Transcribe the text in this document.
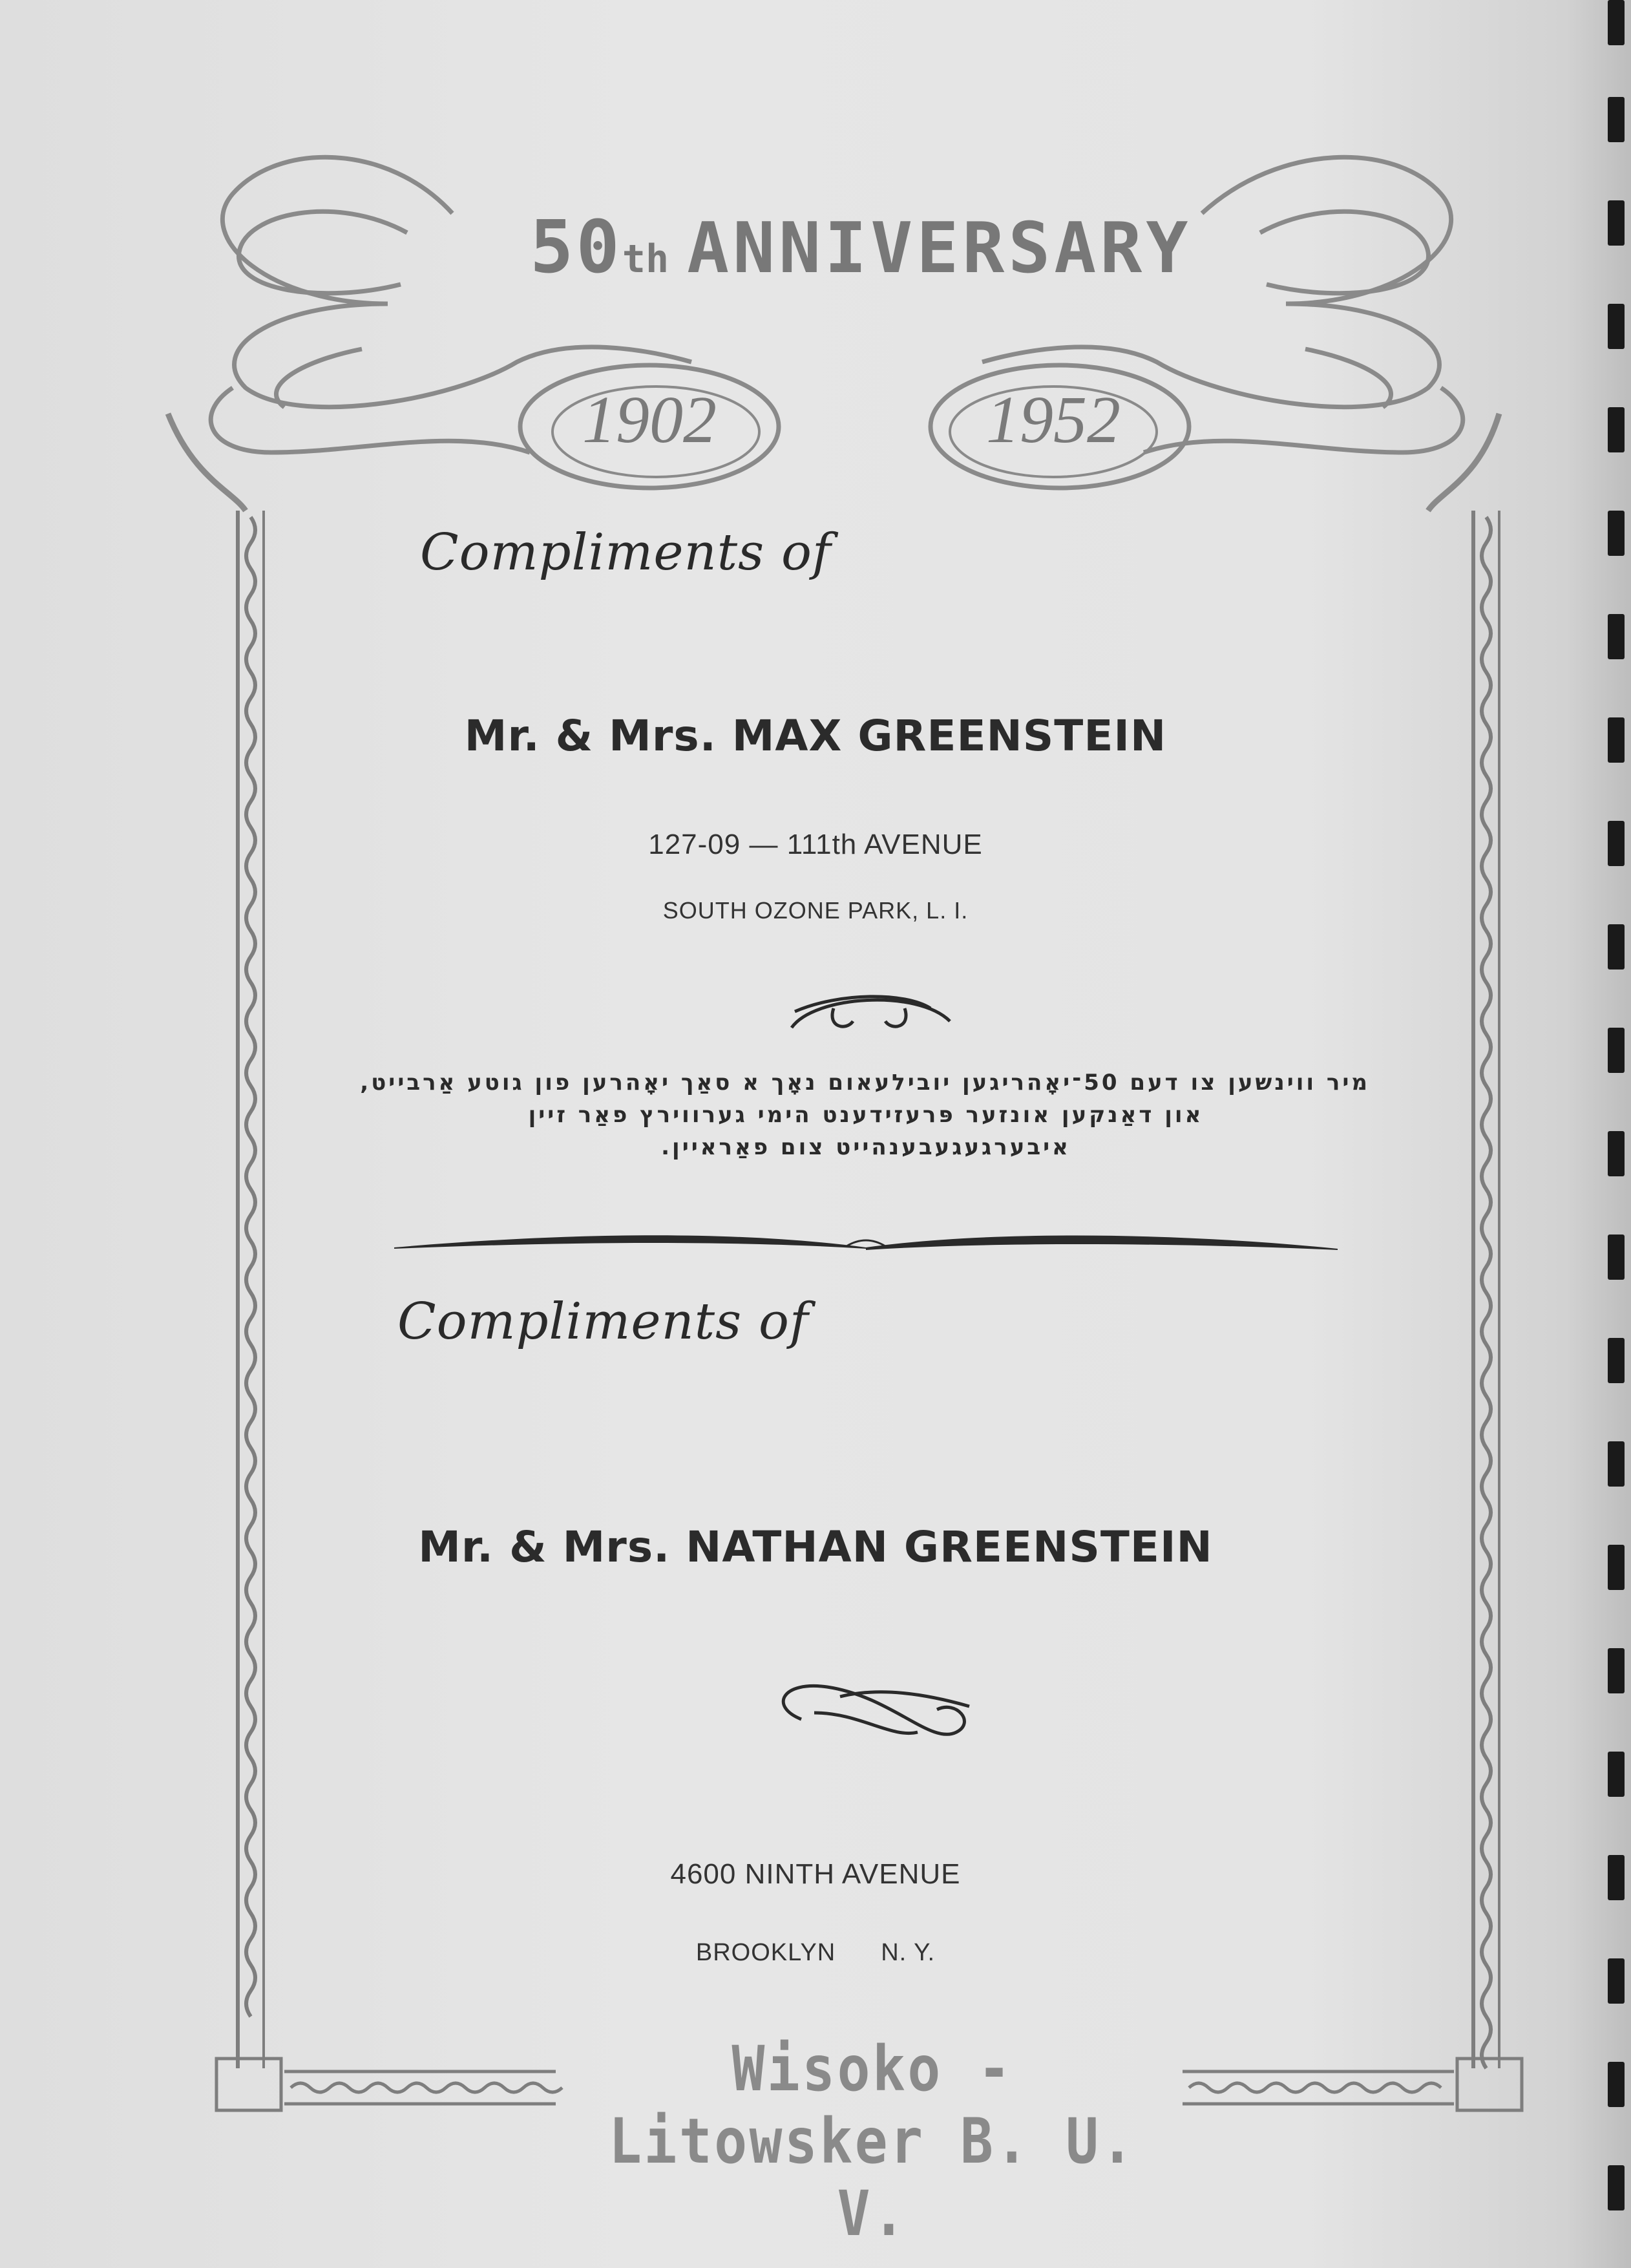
50th ANNIVERSARY
1902	1952
Compliments of
Mr. & Mrs. MAX GREENSTEIN
127-09 — 111th AVENUE
SOUTH OZONE PARK, L. I.
מיר ווינשען צו דעם 50־יאָהריגען יובילעאום נאָך א סאַך יאָהרען פון גוטע אַרבייט,
און דאַנקען אונזער פּרעזידענט הימי גערווירץ פאַר זיין
איבערגעגעבענהייט צום פאַראיין.
Compliments of
Mr. & Mrs. NATHAN GREENSTEIN
4600 NINTH AVENUE
BROOKLYN N. Y.
Wisoko - Litowsker B. U. V.
